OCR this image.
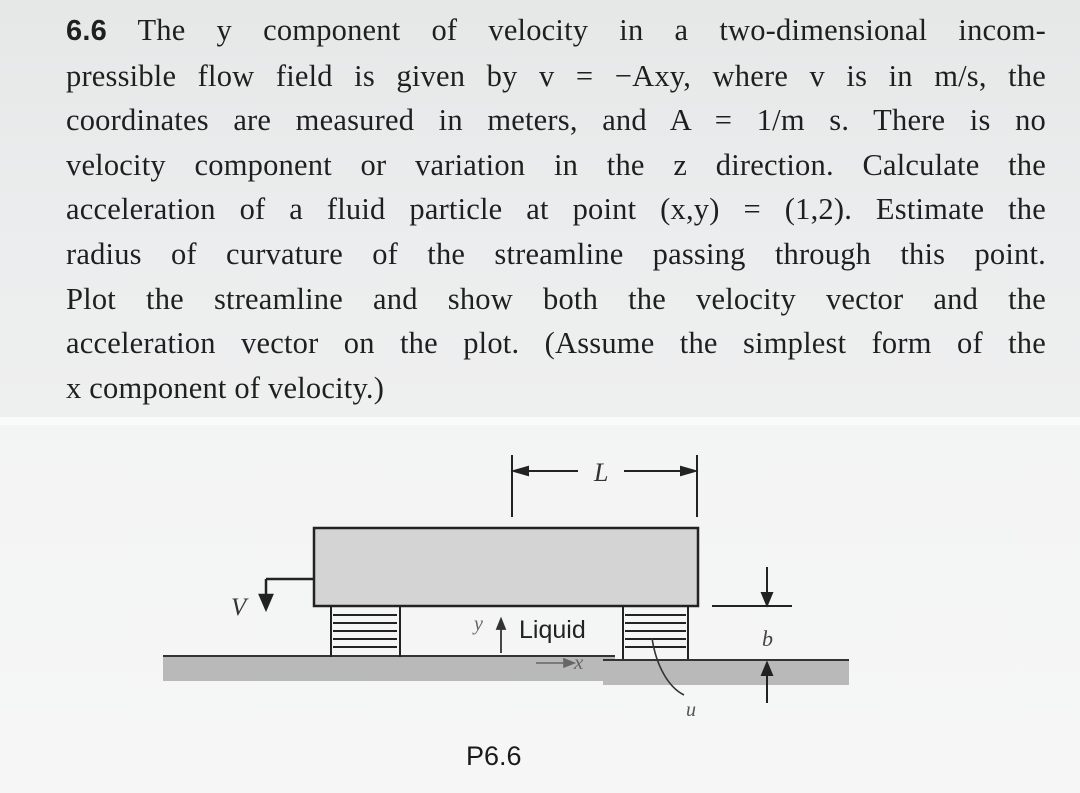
6.6 The y component of velocity in a two-dimensional incom-
pressible flow field is given by v = −Axy, where v is in m/s, the
coordinates are measured in meters, and A = 1/m s. There is no
velocity component or variation in the z direction. Calculate the
acceleration of a fluid particle at point (x,y) = (1,2). Estimate the
radius of curvature of the streamline passing through this point.
Plot the streamline and show both the velocity vector and the
acceleration vector on the plot. (Assume the simplest form of the
x component of velocity.)
L
V
y Liquid
x
b
u
P6.6
